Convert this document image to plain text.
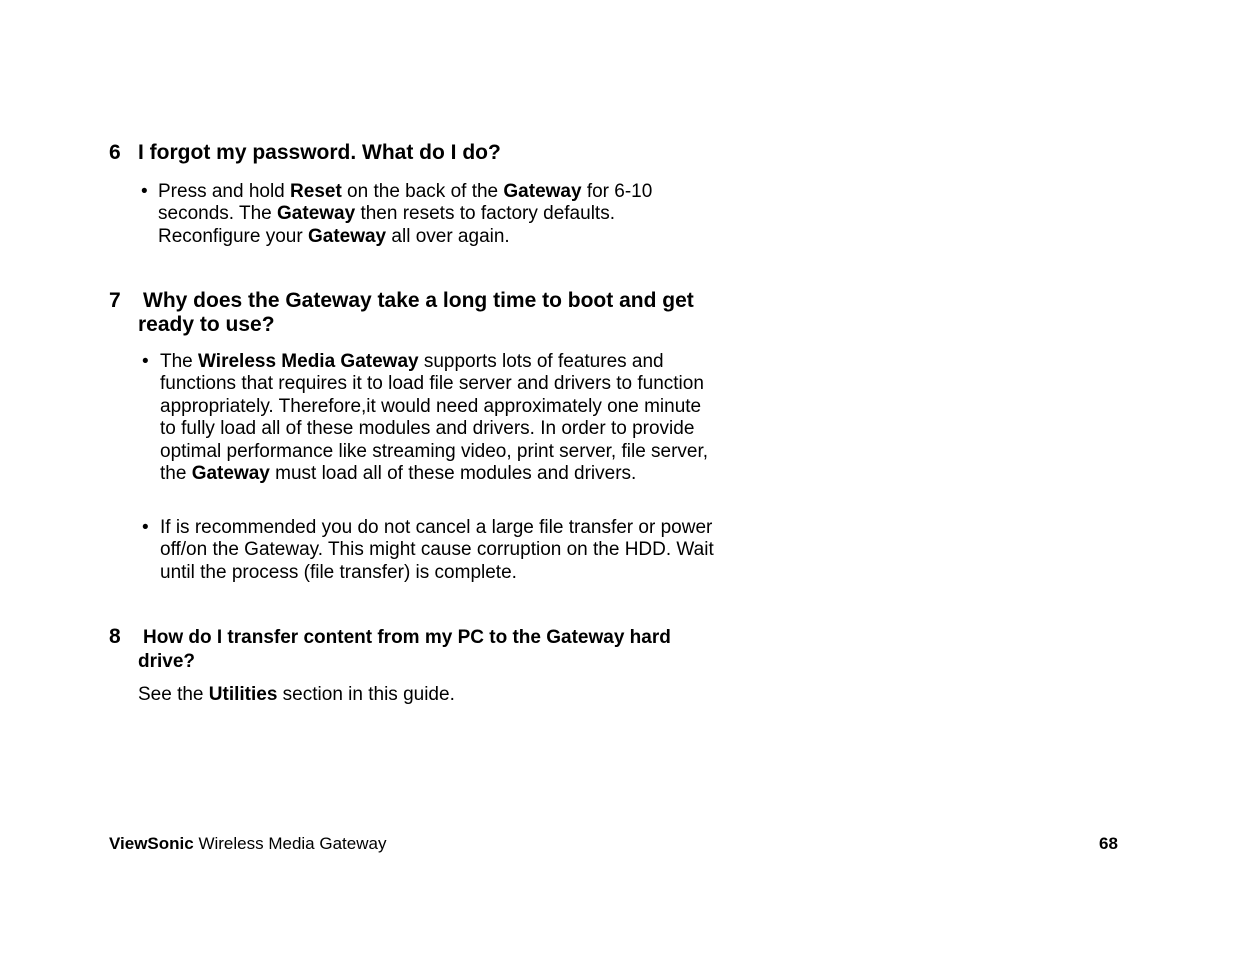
6 I forgot my password. What do I do?
• Press and hold Reset on the back of the Gateway for 6-10 seconds. The Gateway then resets to factory defaults. Reconfigure your Gateway all over again.
7 Why does the Gateway take a long time to boot and get ready to use?
• The Wireless Media Gateway supports lots of features and functions that requires it to load file server and drivers to function appropriately. Therefore,it would need approximately one minute to fully load all of these modules and drivers. In order to provide optimal performance like streaming video, print server, file server, the Gateway must load all of these modules and drivers.
• If is recommended you do not cancel a large file transfer or power off/on the Gateway. This might cause corruption on the HDD. Wait until the process (file transfer) is complete.
8 How do I transfer content from my PC to the Gateway hard drive?
See the Utilities section in this guide.
ViewSonic Wireless Media Gateway	68
